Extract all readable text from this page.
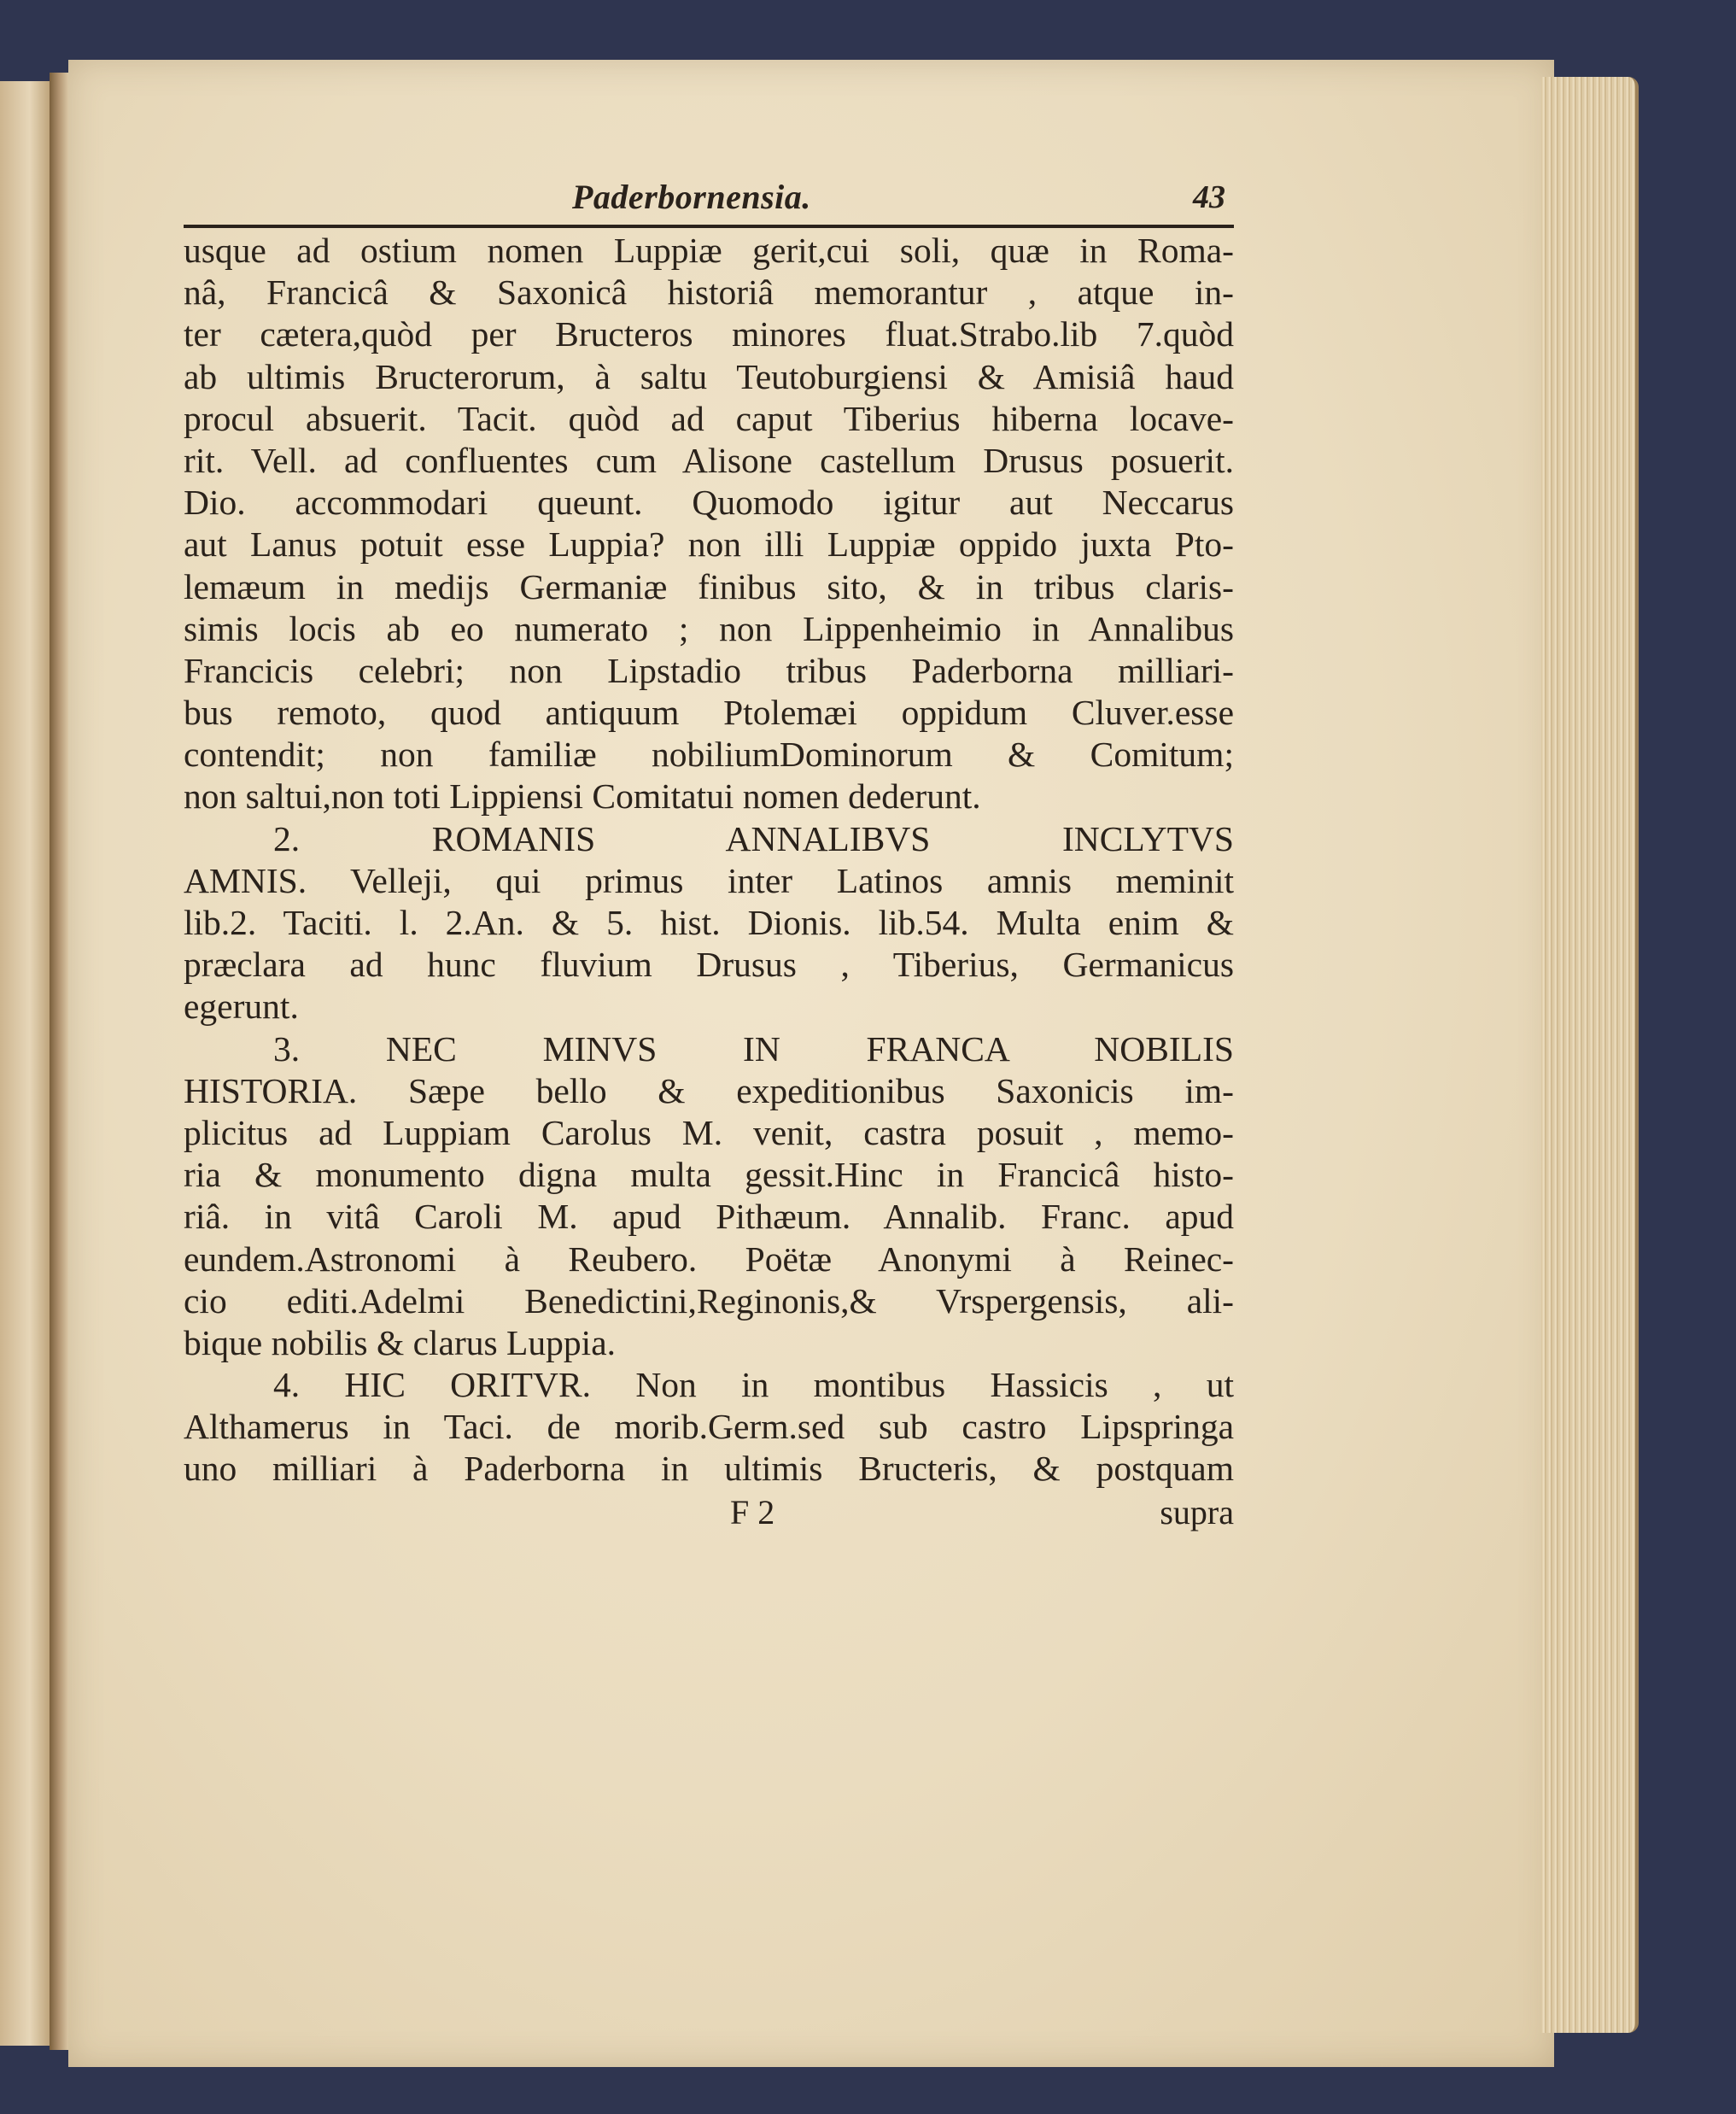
Paderbornensia.	43
usque ad ostium nomen Luppiæ gerit,cui soli, quæ in Roma-
nâ, Francicâ & Saxonicâ historiâ memorantur , atque in-
ter cætera,quòd per Bructeros minores fluat.Strabo.lib 7.quòd
ab ultimis Bructerorum, à saltu Teutoburgiensi & Amisiâ haud
procul absuerit. Tacit. quòd ad caput Tiberius hiberna locave-
rit. Vell. ad confluentes cum Alisone castellum Drusus posuerit.
Dio. accommodari queunt. Quomodo igitur aut Neccarus
aut Lanus potuit esse Luppia? non illi Luppiæ oppido juxta Pto-
lemæum in medijs Germaniæ finibus sito, & in tribus claris-
simis locis ab eo numerato ; non Lippenheimio in Annalibus
Francicis celebri; non Lipstadio tribus Paderborna milliari-
bus remoto, quod antiquum Ptolemæi oppidum Cluver.esse
contendit; non familiæ nobiliumDominorum & Comitum;
non saltui,non toti Lippiensi Comitatui nomen dederunt.
2. ROMANIS ANNALIBVS INCLYTVS
AMNIS. Velleji, qui primus inter Latinos amnis meminit
lib.2. Taciti. l. 2.An. & 5. hist. Dionis. lib.54. Multa enim &
præclara ad hunc fluvium Drusus , Tiberius, Germanicus
egerunt.
3. NEC MINVS IN FRANCA NOBILIS
HISTORIA. Sæpe bello & expeditionibus Saxonicis im-
plicitus ad Luppiam Carolus M. venit, castra posuit , memo-
ria & monumento digna multa gessit.Hinc in Francicâ histo-
riâ. in vitâ Caroli M. apud Pithæum. Annalib. Franc. apud
eundem.Astronomi à Reubero. Poëtæ Anonymi à Reinec-
cio editi.Adelmi Benedictini,Reginonis,& Vrspergensis, ali-
bique nobilis & clarus Luppia.
4. HIC ORITVR. Non in montibus Hassicis , ut
Althamerus in Taci. de morib.Germ.sed sub castro Lipspringa
uno milliari à Paderborna in ultimis Bructeris, & postquam
F 2	supra
